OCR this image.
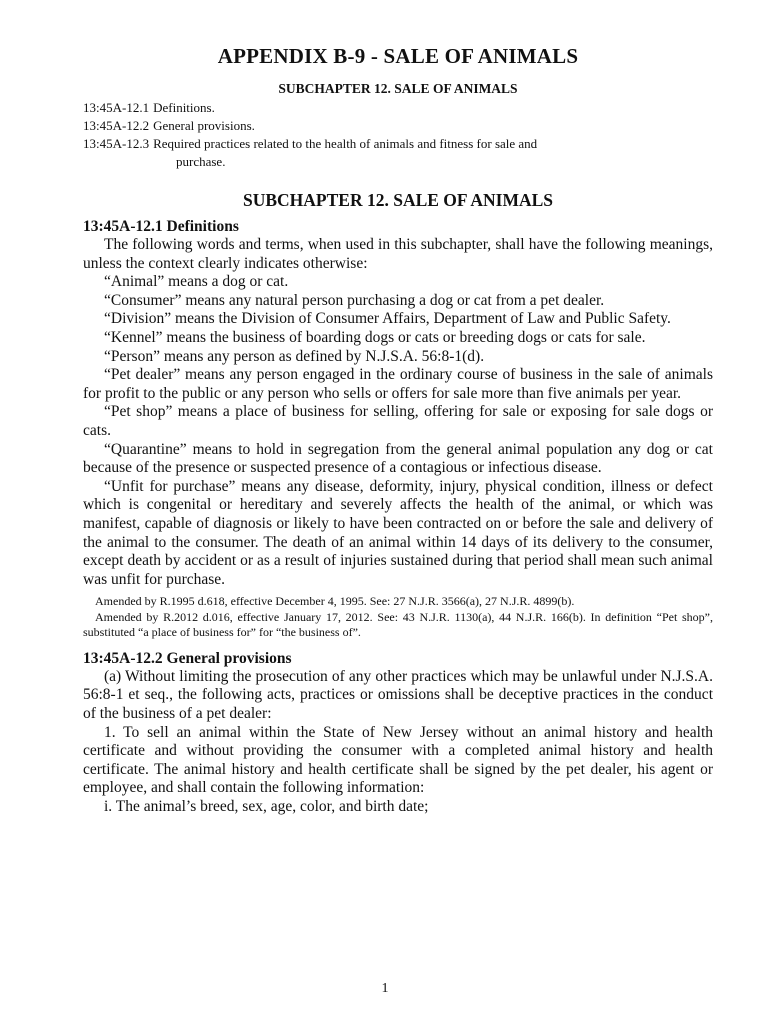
APPENDIX B-9 - SALE OF ANIMALS
SUBCHAPTER 12. SALE OF ANIMALS
13:45A-12.1 Definitions.
13:45A-12.2 General provisions.
13:45A-12.3 Required practices related to the health of animals and fitness for sale and
purchase.
SUBCHAPTER 12. SALE OF ANIMALS
13:45A-12.1 Definitions

The following words and terms, when used in this subchapter, shall have the following meanings, unless the context clearly indicates otherwise:

“Animal” means a dog or cat.

“Consumer” means any natural person purchasing a dog or cat from a pet dealer.

“Division” means the Division of Consumer Affairs, Department of Law and Public Safety.

“Kennel” means the business of boarding dogs or cats or breeding dogs or cats for sale.

“Person” means any person as defined by N.J.S.A. 56:8-1(d).

“Pet dealer” means any person engaged in the ordinary course of business in the sale of animals for profit to the public or any person who sells or offers for sale more than five animals per year.

“Pet shop” means a place of business for selling, offering for sale or exposing for sale dogs or cats.

“Quarantine” means to hold in segregation from the general animal population any dog or cat because of the presence or suspected presence of a contagious or infectious disease.

“Unfit for purchase” means any disease, deformity, injury, physical condition, illness or defect which is congenital or hereditary and severely affects the health of the animal, or which was manifest, capable of diagnosis or likely to have been contracted on or before the sale and delivery of the animal to the consumer. The death of an animal within 14 days of its delivery to the consumer, except death by accident or as a result of injuries sustained during that period shall mean such animal was unfit for purchase.

Amended by R.1995 d.618, effective December 4, 1995. See: 27 N.J.R. 3566(a), 27 N.J.R. 4899(b).

Amended by R.2012 d.016, effective January 17, 2012. See: 43 N.J.R. 1130(a), 44 N.J.R. 166(b). In definition “Pet shop”, substituted “a place of business for” for “the business of”.

13:45A-12.2 General provisions

(a) Without limiting the prosecution of any other practices which may be unlawful under N.J.S.A. 56:8-1 et seq., the following acts, practices or omissions shall be deceptive practices in the conduct of the business of a pet dealer:

1. To sell an animal within the State of New Jersey without an animal history and health certificate and without providing the consumer with a completed animal history and health certificate. The animal history and health certificate shall be signed by the pet dealer, his agent or employee, and shall contain the following information:

i. The animal’s breed, sex, age, color, and birth date;

1
